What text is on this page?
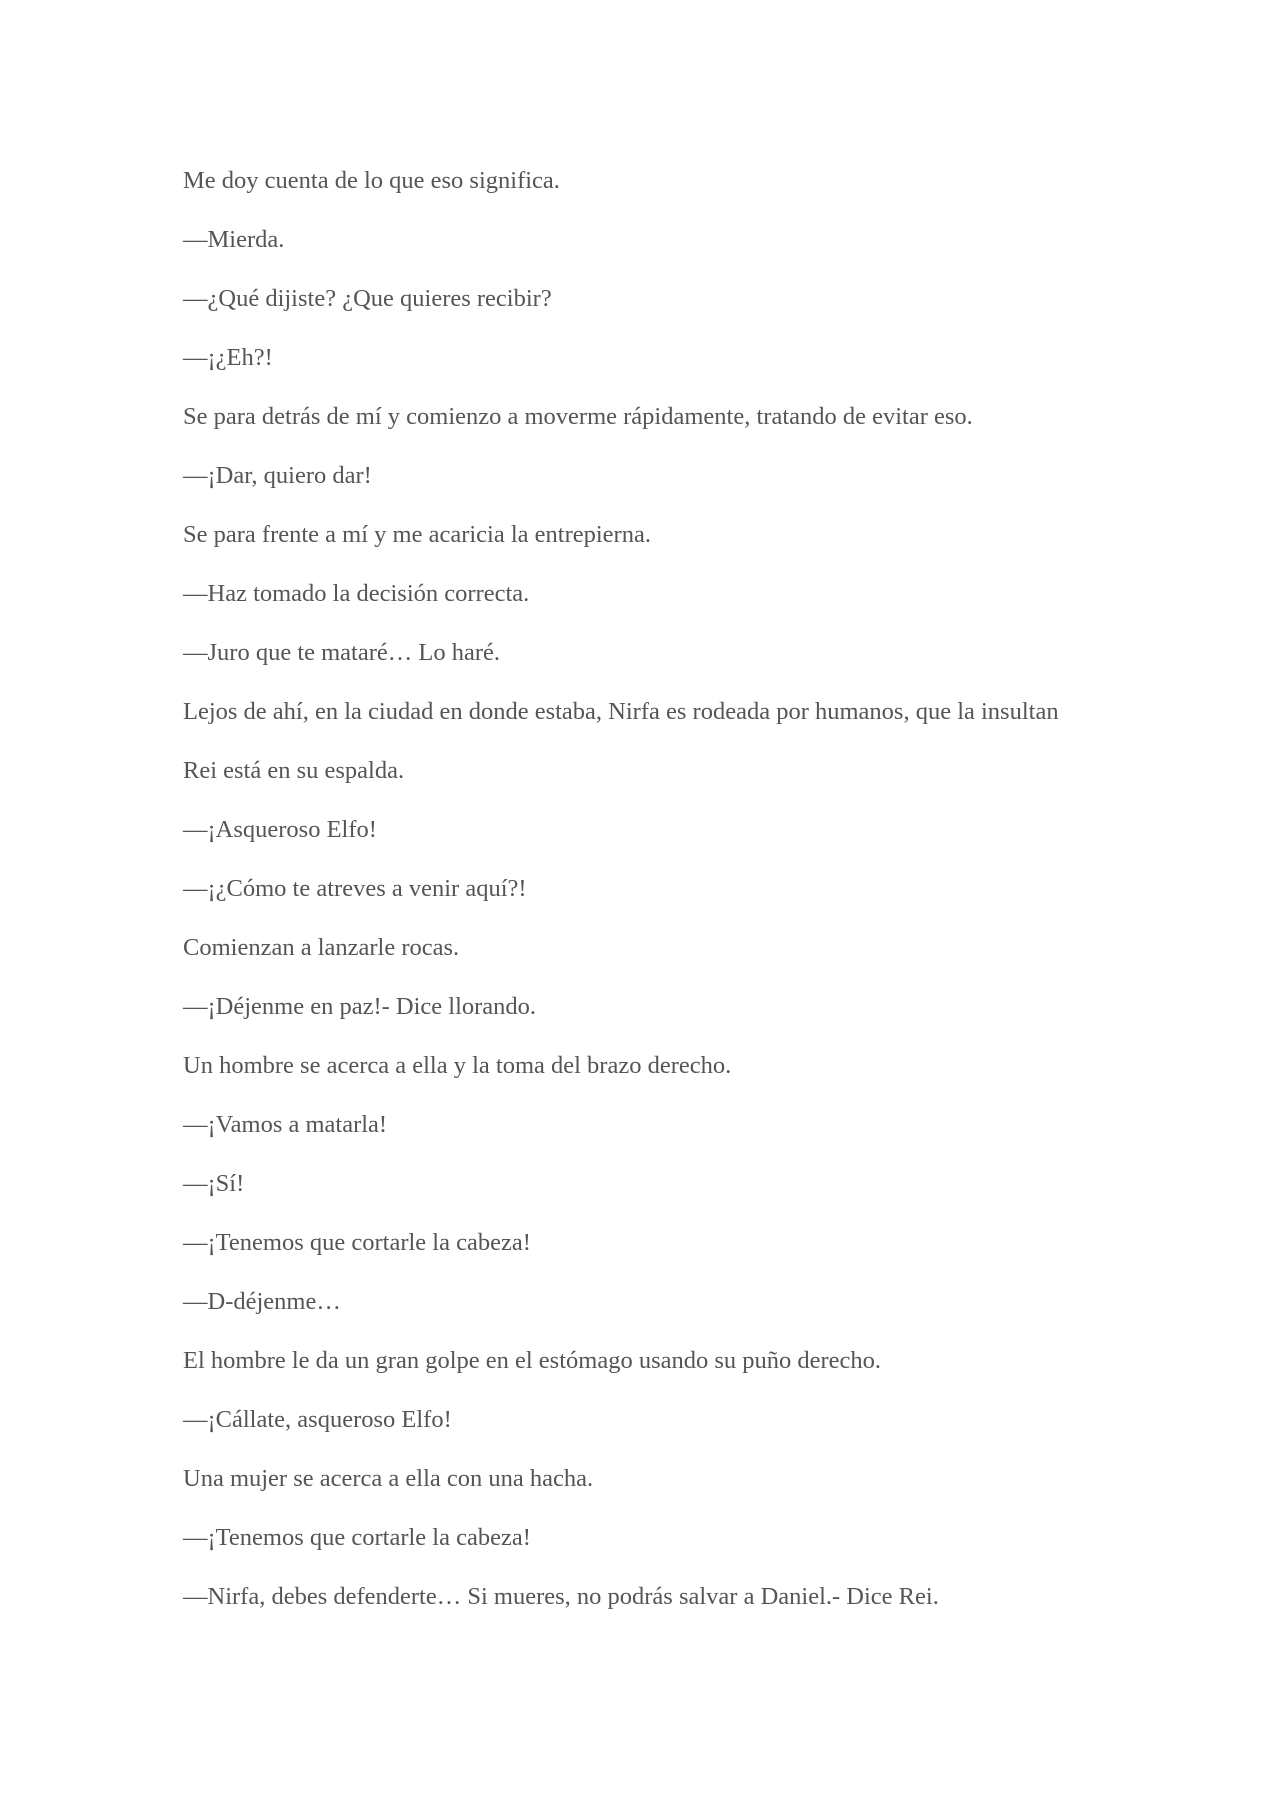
Me doy cuenta de lo que eso significa.

—Mierda.

—¿Qué dijiste? ¿Que quieres recibir?

—¡¿Eh?!

Se para detrás de mí y comienzo a moverme rápidamente, tratando de evitar eso.

—¡Dar, quiero dar!

Se para frente a mí y me acaricia la entrepierna.

—Haz tomado la decisión correcta.

—Juro que te mataré… Lo haré.

Lejos de ahí, en la ciudad en donde estaba, Nirfa es rodeada por humanos, que la insultan

Rei está en su espalda.

—¡Asqueroso Elfo!

—¡¿Cómo te atreves a venir aquí?!

Comienzan a lanzarle rocas.

—¡Déjenme en paz!- Dice llorando.

Un hombre se acerca a ella y la toma del brazo derecho.

—¡Vamos a matarla!

—¡Sí!

—¡Tenemos que cortarle la cabeza!

—D-déjenme…

El hombre le da un gran golpe en el estómago usando su puño derecho.

—¡Cállate, asqueroso Elfo!

Una mujer se acerca a ella con una hacha.

—¡Tenemos que cortarle la cabeza!

—Nirfa, debes defenderte… Si mueres, no podrás salvar a Daniel.- Dice Rei.
